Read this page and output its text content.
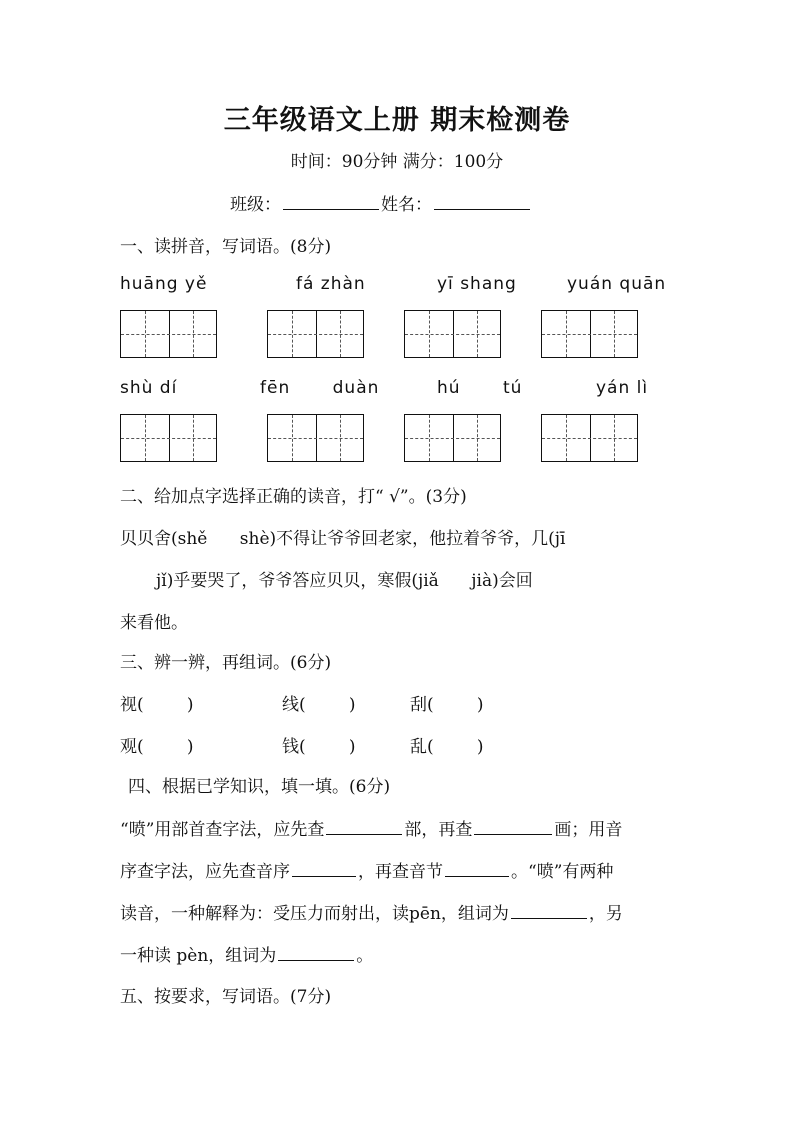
三年级语文上册 期末检测卷
时间：90分钟 满分：100分
班级：	姓名：
一、读拼音，写词语。(8分)
huāng yě	fá zhàn	yī shang	yuán quān
shù dí	fēn duàn	hú tú	yán lì
二、给加点字选择正确的读音，打“ √”。(3分)
贝贝舍(shě      shè)不得让爷爷回老家，他拉着爷爷，几(jī
jǐ)乎要哭了，爷爷答应贝贝，寒假(jiǎ      jià)会回
来看他。
三、辨一辨，再组词。(6分)
视(        )	线(        )	刮(        )
观(        )	钱(        )	乱(        )
四、根据已学知识，填一填。(6分)
“喷”用部首查字法，应先查	部，再查	画；用音
序查字法，应先查音序	，再查音节	。“喷”有两种
读音，一种解释为：受压力而射出，读pēn，组词为	，另
一种读 pèn，组词为	。
五、按要求，写词语。(7分)
